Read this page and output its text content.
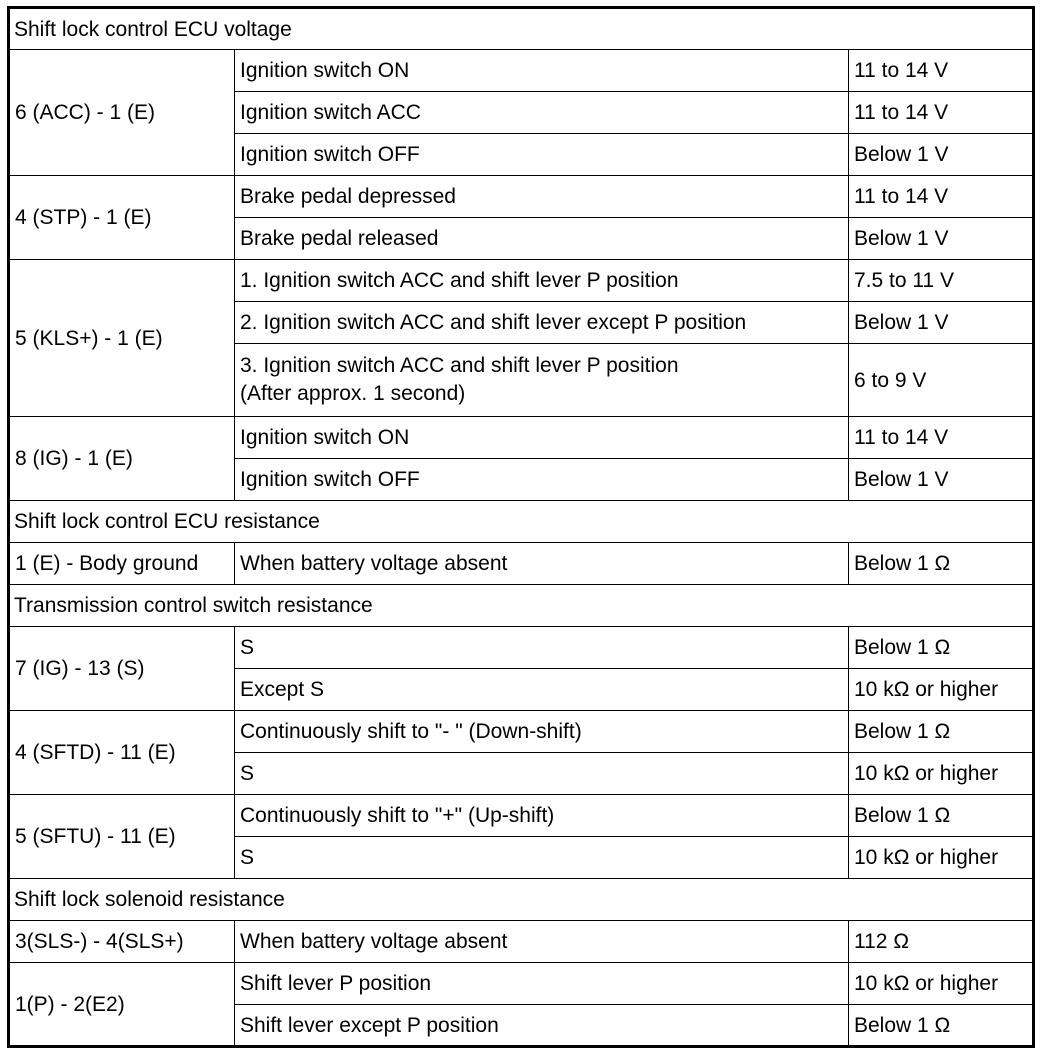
Shift lock control ECU voltage		
6 (ACC) - 1 (E)	Ignition switch ON	11 to 14 V
	Ignition switch ACC	11 to 14 V
	Ignition switch OFF	Below 1 V
4 (STP) - 1 (E)	Brake pedal depressed	11 to 14 V
	Brake pedal released	Below 1 V
5 (KLS+) - 1 (E)	1. Ignition switch ACC and shift lever P position	7.5 to 11 V
	2. Ignition switch ACC and shift lever except P position	Below 1 V
	3. Ignition switch ACC and shift lever P position
(After approx. 1 second)	6 to 9 V
8 (IG) - 1 (E)	Ignition switch ON	11 to 14 V
	Ignition switch OFF	Below 1 V
Shift lock control ECU resistance		
1 (E) - Body ground	When battery voltage absent	Below 1 Ω
Transmission control switch resistance		
7 (IG) - 13 (S)	S	Below 1 Ω
	Except S	10 kΩ or higher
4 (SFTD) - 11 (E)	Continuously shift to "- " (Down-shift)	Below 1 Ω
	S	10 kΩ or higher
5 (SFTU) - 11 (E)	Continuously shift to "+" (Up-shift)	Below 1 Ω
	S	10 kΩ or higher
Shift lock solenoid resistance		
3(SLS-) - 4(SLS+)	When battery voltage absent	112 Ω
1(P) - 2(E2)	Shift lever P position	10 kΩ or higher
	Shift lever except P position	Below 1 Ω
